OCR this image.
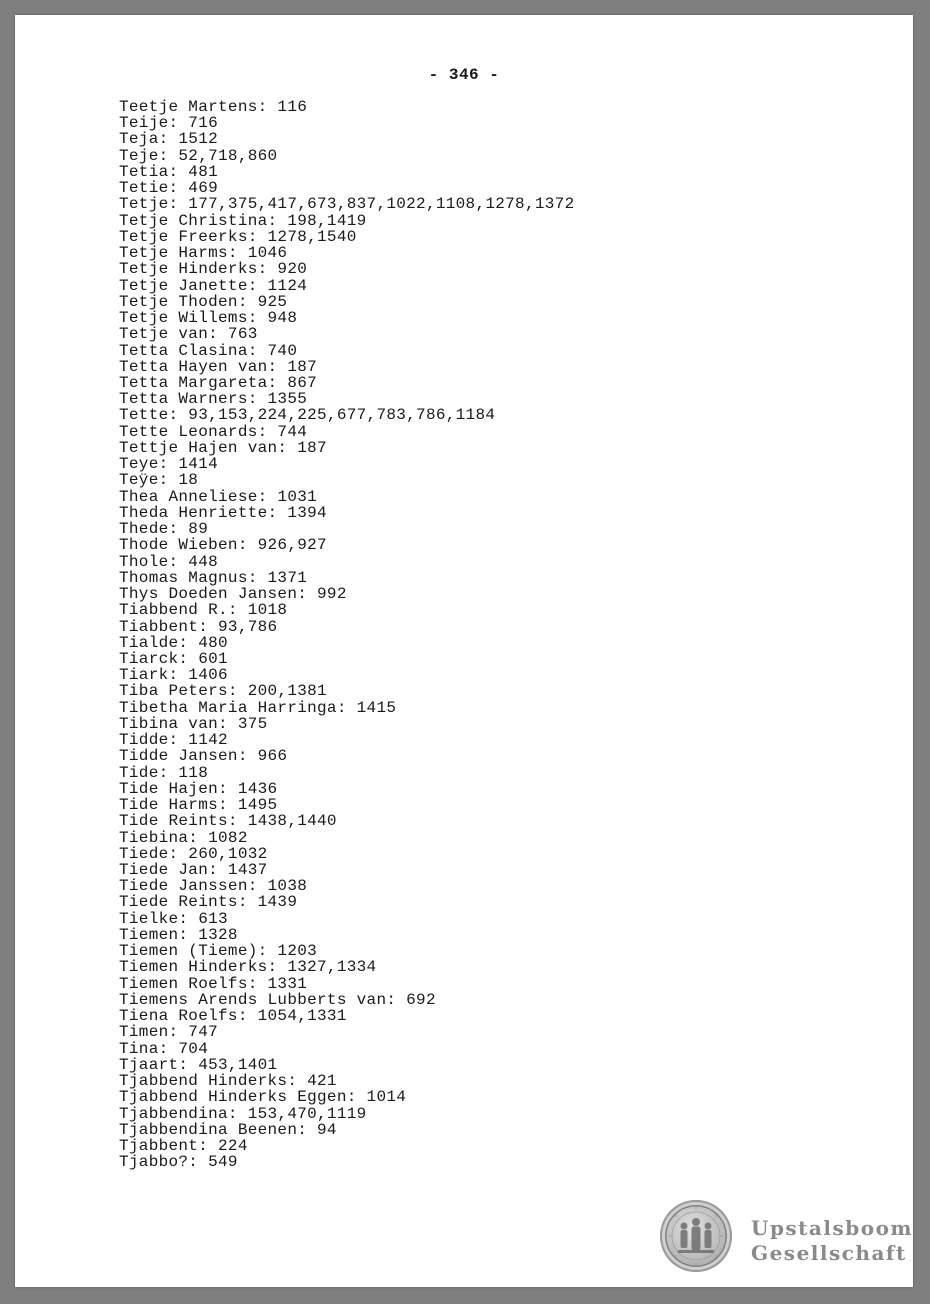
- 346 -
Teetje Martens: 116
Teije: 716
Teja: 1512
Teje: 52,718,860
Tetia: 481
Tetie: 469
Tetje: 177,375,417,673,837,1022,1108,1278,1372
Tetje Christina: 198,1419
Tetje Freerks: 1278,1540
Tetje Harms: 1046
Tetje Hinderks: 920
Tetje Janette: 1124
Tetje Thoden: 925
Tetje Willems: 948
Tetje van: 763
Tetta Clasina: 740
Tetta Hayen van: 187
Tetta Margareta: 867
Tetta Warners: 1355
Tette: 93,153,224,225,677,783,786,1184
Tette Leonards: 744
Tettje Hajen van: 187
Teye: 1414
Teÿe: 18
Thea Anneliese: 1031
Theda Henriette: 1394
Thede: 89
Thode Wieben: 926,927
Thole: 448
Thomas Magnus: 1371
Thys Doeden Jansen: 992
Tiabbend R.: 1018
Tiabbent: 93,786
Tialde: 480
Tiarck: 601
Tiark: 1406
Tiba Peters: 200,1381
Tibetha Maria Harringa: 1415
Tibina van: 375
Tidde: 1142
Tidde Jansen: 966
Tide: 118
Tide Hajen: 1436
Tide Harms: 1495
Tide Reints: 1438,1440
Tiebina: 1082
Tiede: 260,1032
Tiede Jan: 1437
Tiede Janssen: 1038
Tiede Reints: 1439
Tielke: 613
Tiemen: 1328
Tiemen (Tieme): 1203
Tiemen Hinderks: 1327,1334
Tiemen Roelfs: 1331
Tiemens Arends Lubberts van: 692
Tiena Roelfs: 1054,1331
Timen: 747
Tina: 704
Tjaart: 453,1401
Tjabbend Hinderks: 421
Tjabbend Hinderks Eggen: 1014
Tjabbendina: 153,470,1119
Tjabbendina Beenen: 94
Tjabbent: 224
Tjabbo?: 549
Upstalsboom
Gesellschaft
